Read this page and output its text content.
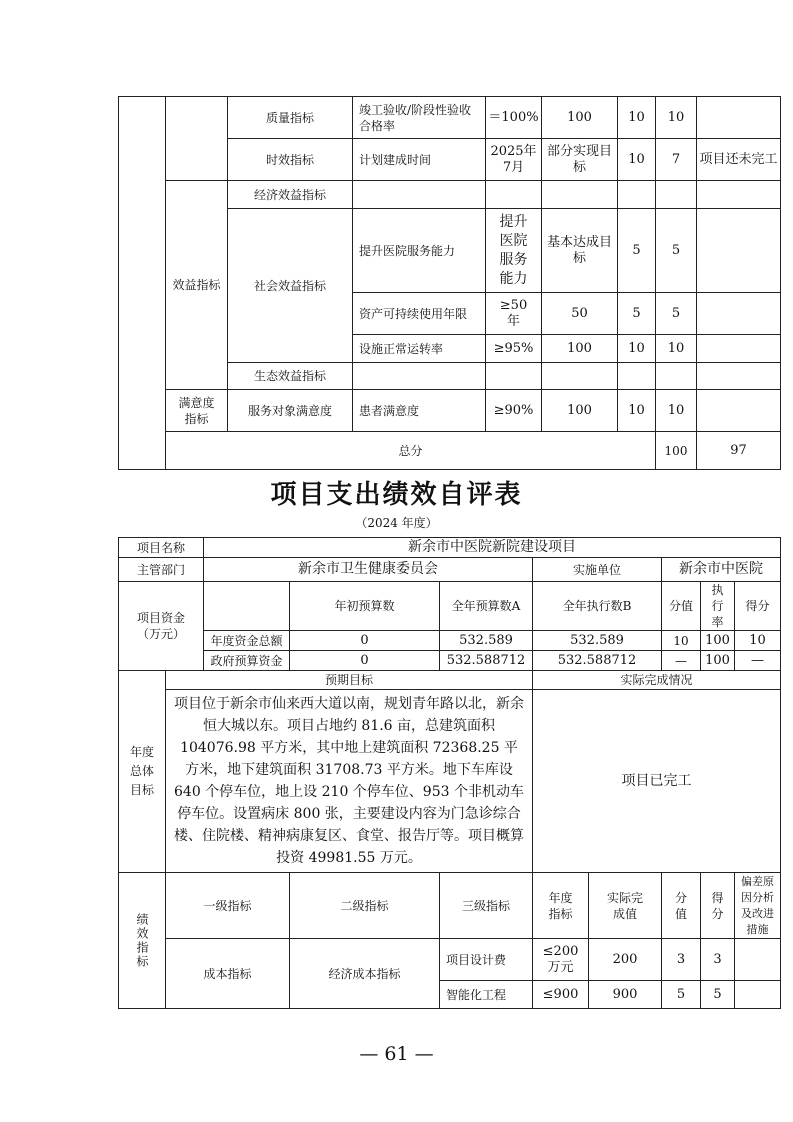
		质量指标	竣工验收/阶段性验收合格率	＝100%	100	10	10		
		时效指标	计划建成时间	2025年7月	部分实现目标	10	7	项目还未完工	
	效益指标	经济效益指标							
		社会效益指标	提升医院服务能力	提升医院服务能力	基本达成目标	5	5		
			资产可持续使用年限	≥50年	50	5	5		
			设施正常运转率	≥95%	100	10	10		
		生态效益指标							
	满意度指标	服务对象满意度	患者满意度	≥90%	100	10	10		
	总分						100	97	
项目支出绩效自评表
（2024 年度）
项目名称		新余市中医院新院建设项目							
主管部门		新余市卫生健康委员会			实施单位		新余市中医院		
项目资金（万元）			年初预算数	全年预算数A	全年执行数B		分值	执行率	得分
		年度资金总额	0	532.589	532.589		10	100	10
		政府预算资金	0	532.588712	532.588712		—	100	—

年度总体目标	预期目标				实际完成情况				
	项目位于新余市仙来西大道以南，规划青年路以北，新余恒大城以东。项目占地约 81.6 亩，总建筑面积 104076.98 平方米，其中地上建筑面积 72368.25 平方米，地下建筑面积 31708.73 平方米。地下车库设 640 个停车位，地上设 210 个停车位、953 个非机动车停车位。设置病床 800 张，主要建设内容为门急诊综合楼、住院楼、精神病康复区、食堂、报告厅等。项目概算投资 49981.55 万元。				项目已完工				

绩效指标	一级指标		二级指标	三级指标	年度指标	实际完成值	分值	得分	偏差原因分析及改进措施
	成本指标		经济成本指标	项目设计费	≤200万元	200	3	3	
				智能化工程	≤900	900	5	5	
— 61 —
